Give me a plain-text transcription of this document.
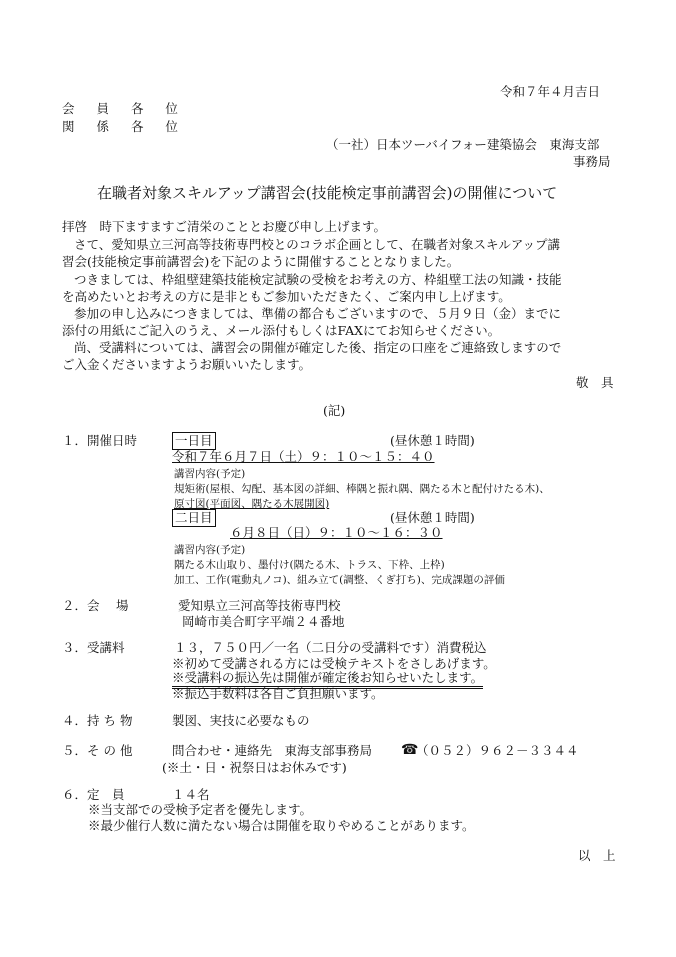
令和７年４月吉日
会 員 各 位
関 係 各 位
（一社）日本ツーバイフォー建築協会　東海支部
事務局
在職者対象スキルアップ講習会(技能検定事前講習会)の開催について
拝啓　時下ますますご清栄のこととお慶び申し上げます。
さて、愛知県立三河高等技術専門校とのコラボ企画として、在職者対象スキルアップ講
習会(技能検定事前講習会)を下記のように開催することとなりました。
つきましては、枠組壁建築技能検定試験の受検をお考えの方、枠組壁工法の知識・技能
を高めたいとお考えの方に是非ともご参加いただきたく、ご案内申し上げます。
参加の申し込みにつきましては、準備の都合もございますので、５月９日（金）までに
添付の用紙にご記入のうえ、メール添付もしくはFAXにてお知らせください。
尚、受講料については、講習会の開催が確定した後、指定の口座をご連絡致しますので
ご入金くださいますようお願いいたします。
敬　具
(記)
１．開催日時	一日目	(昼休憩１時間)
令和７年６月７日（土）９：１０～１５：４０
講習内容(予定)
規矩術(屋根、勾配、基本図の詳細、棒隅と振れ隅、隅たる木と配付けたる木)、
原寸図(平面図、隅たる木展開図)
二日目	(昼休憩１時間)
６月８日（日）９：１０～１６：３０
講習内容(予定)
隅たる木山取り、墨付け(隅たる木、トラス、下枠、上枠)
加工、工作(電動丸ノコ)、組み立て(調整、くぎ打ち)、完成課題の評価
２．会　 場	愛知県立三河高等技術専門校
岡崎市美合町字平端２４番地
３．受講料	１３，７５０円／一名（二日分の受講料です）消費税込
※初めて受講される方には受検テキストをさしあげます。
※受講料の振込先は開催が確定後お知らせいたします。
※振込手数料は各自ご負担願います。
４．持 ち 物	製図、実技に必要なもの
５．そ の 他	問合わせ・連絡先　東海支部事務局 ☎
（０５２）９６２－３３４４
(※土・日・祝祭日はお休みです)
６．定　員	１４名
※当支部での受検予定者を優先します。
※最少催行人数に満たない場合は開催を取りやめることがあります。
以　上
